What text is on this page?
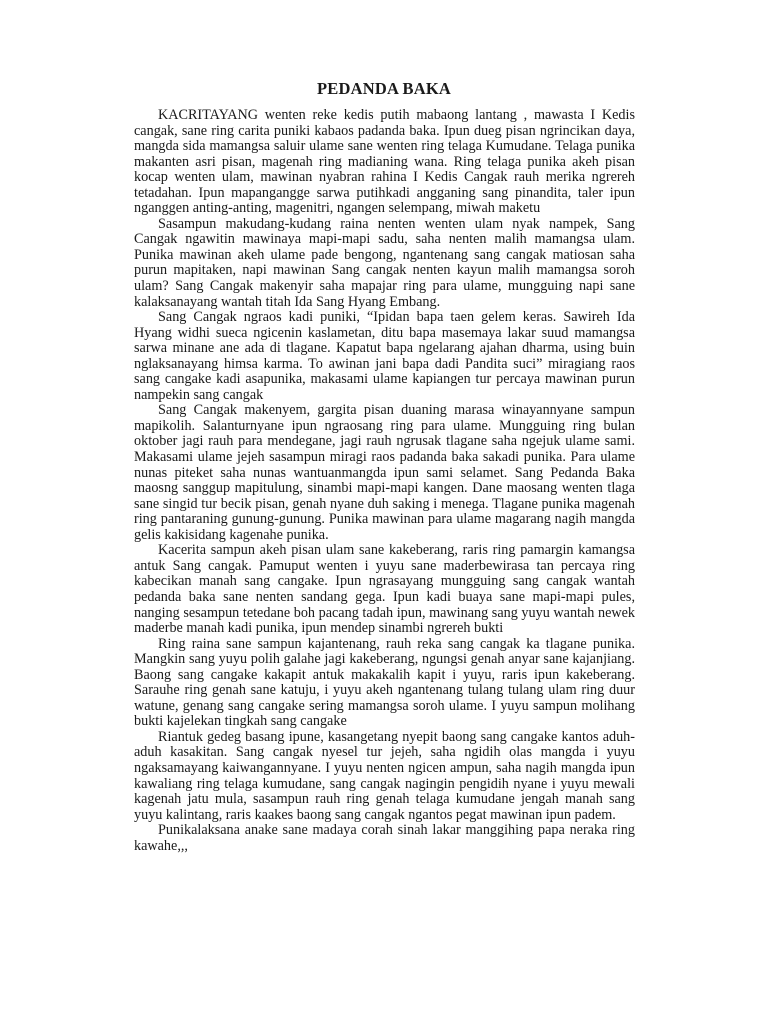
PEDANDA BAKA

KACRITAYANG wenten reke kedis putih mabaong lantang , mawasta I Kedis cangak, sane ring carita puniki kabaos padanda baka. Ipun dueg pisan ngrincikan daya, mangda sida mamangsa saluir ulame sane wenten ring telaga Kumudane. Telaga punika makanten asri pisan, magenah ring madianing wana. Ring telaga punika akeh pisan kocap wenten ulam, mawinan nyabran rahina I Kedis Cangak rauh merika ngrereh tetadahan. Ipun mapangangge sarwa putihkadi angganing sang pinandita, taler ipun nganggen anting-anting, magenitri, ngangen selempang, miwah maketu

Sasampun makudang-kudang raina nenten wenten ulam nyak nampek, Sang Cangak ngawitin mawinaya mapi-mapi sadu, saha nenten malih mamangsa ulam. Punika mawinan akeh ulame pade bengong, ngantenang sang cangak matiosan saha purun mapitaken, napi mawinan Sang cangak nenten kayun malih mamangsa soroh ulam? Sang Cangak makenyir saha mapajar ring para ulame, mungguing napi sane kalaksanayang wantah titah Ida Sang Hyang Embang.

Sang Cangak ngraos kadi puniki, “Ipidan bapa taen gelem keras. Sawireh Ida Hyang widhi sueca ngicenin kaslametan, ditu bapa masemaya lakar suud mamangsa sarwa minane ane ada di tlagane. Kapatut bapa ngelarang ajahan dharma, using buin nglaksanayang himsa karma. To awinan jani bapa dadi Pandita suci” miragiang raos sang cangake kadi asapunika, makasami ulame kapiangen tur percaya mawinan purun nampekin sang cangak

Sang Cangak makenyem, gargita pisan duaning marasa winayannyane sampun mapikolih. Salanturnyane ipun ngraosang ring para ulame. Mungguing ring bulan oktober jagi rauh para mendegane, jagi rauh ngrusak tlagane saha ngejuk ulame sami. Makasami ulame jejeh sasampun miragi raos padanda baka sakadi punika. Para ulame nunas piteket saha nunas wantuanmangda ipun sami selamet. Sang Pedanda Baka maosng sanggup mapitulung, sinambi mapi-mapi kangen. Dane maosang wenten tlaga sane singid tur becik pisan, genah nyane duh saking i menega. Tlagane punika magenah ring pantaraning gunung-gunung. Punika mawinan para ulame magarang nagih mangda gelis kakisidang kagenahe punika.

Kacerita sampun akeh pisan ulam sane kakeberang, raris ring pamargin kamangsa antuk Sang cangak. Pamuput wenten i yuyu sane maderbewirasa tan percaya ring kabecikan manah sang cangake. Ipun ngrasayang mungguing sang cangak wantah pedanda baka sane nenten sandang gega. Ipun kadi buaya sane mapi-mapi pules, nanging sesampun tetedane boh pacang tadah ipun, mawinang sang yuyu wantah newek maderbe manah kadi punika, ipun mendep sinambi ngrereh bukti

Ring raina sane sampun kajantenang, rauh reka sang cangak ka tlagane punika. Mangkin sang yuyu polih galahe jagi kakeberang, ngungsi genah anyar sane kajanjiang. Baong sang cangake kakapit antuk makakalih kapit i yuyu, raris ipun kakeberang. Sarauhe ring genah sane katuju, i yuyu akeh ngantenang tulang tulang ulam ring duur watune, genang sang cangake sering mamangsa soroh ulame. I yuyu sampun molihang bukti kajelekan tingkah sang cangake

Riantuk gedeg basang ipune, kasangetang nyepit baong sang cangake kantos aduh-aduh kasakitan. Sang cangak nyesel tur jejeh, saha ngidih olas mangda i yuyu ngaksamayang kaiwangannyane. I yuyu nenten ngicen ampun, saha nagih mangda ipun kawaliang ring telaga kumudane, sang cangak nagingin pengidih nyane i yuyu mewali kagenah jatu mula, sasampun rauh ring genah telaga kumudane jengah manah sang yuyu kalintang, raris kaakes baong sang cangak ngantos pegat mawinan ipun padem.

Punikalaksana anake sane madaya corah sinah lakar manggihing papa neraka ring kawahe,,,
